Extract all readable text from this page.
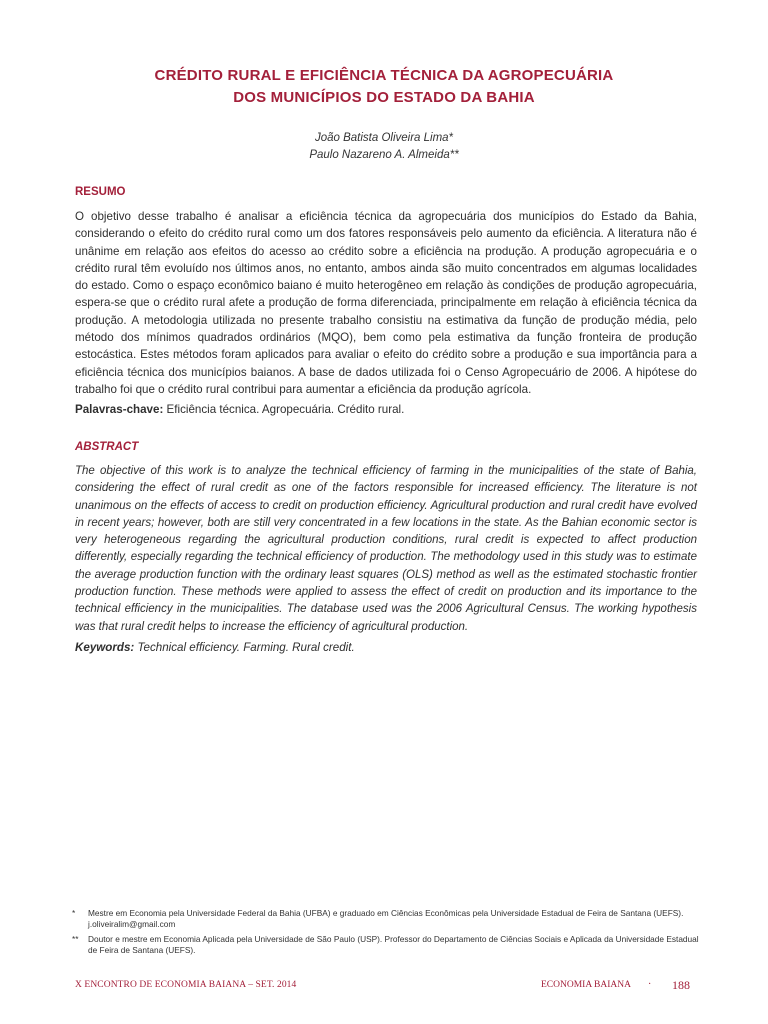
CRÉDITO RURAL E EFICIÊNCIA TÉCNICA DA AGROPECUÁRIA
DOS MUNICÍPIOS DO ESTADO DA BAHIA
João Batista Oliveira Lima*
Paulo Nazareno A. Almeida**
RESUMO

O objetivo desse trabalho é analisar a eficiência técnica da agropecuária dos municípios do Estado da Bahia, considerando o efeito do crédito rural como um dos fatores responsáveis pelo aumento da eficiência. A literatura não é unânime em relação aos efeitos do acesso ao crédito sobre a eficiência na produção. A produção agropecuária e o crédito rural têm evoluído nos últimos anos, no entanto, ambos ainda são muito concentrados em algumas localidades do estado. Como o espaço econômico baiano é muito heterogêneo em relação às condições de produção agropecuária, espera-se que o crédito rural afete a produção de forma diferenciada, principalmente em relação à eficiência técnica da produção. A metodologia utilizada no presente trabalho consistiu na estimativa da função de produção média, pelo método dos mínimos quadrados ordinários (MQO), bem como pela estimativa da função fronteira de produção estocástica. Estes métodos foram aplicados para avaliar o efeito do crédito sobre a produção e sua importância para a eficiência técnica dos municípios baianos. A base de dados utilizada foi o Censo Agropecuário de 2006. A hipótese do trabalho foi que o crédito rural contribui para aumentar a eficiência da produção agrícola.

Palavras-chave: Eficiência técnica. Agropecuária. Crédito rural.
ABSTRACT

The objective of this work is to analyze the technical efficiency of farming in the municipalities of the state of Bahia, considering the effect of rural credit as one of the factors responsible for increased efficiency. The literature is not unanimous on the effects of access to credit on production efficiency. Agricultural production and rural credit have evolved in recent years; however, both are still very concentrated in a few locations in the state. As the Bahian economic sector is very heterogeneous regarding the agricultural production conditions, rural credit is expected to affect production differently, especially regarding the technical efficiency of production. The methodology used in this study was to estimate the average production function with the ordinary least squares (OLS) method as well as the estimated stochastic frontier production function. These methods were applied to assess the effect of credit on production and its importance to the technical efficiency in the municipalities. The database used was the 2006 Agricultural Census. The working hypothesis was that rural credit helps to increase the efficiency of agricultural production.

Keywords: Technical efficiency. Farming. Rural credit.
*	Mestre em Economia pela Universidade Federal da Bahia (UFBA) e graduado em Ciências Econômicas pela Universidade Estadual de Feira de Santana (UEFS). j.oliveiralim@gmail.com
**	Doutor e mestre em Economia Aplicada pela Universidade de São Paulo (USP). Professor do Departamento de Ciências Sociais e Aplicada da Universidade Estadual de Feira de Santana (UEFS).
X ENCONTRO DE ECONOMIA BAIANA – SET. 2014	ECONOMIA BAIANA · 188
